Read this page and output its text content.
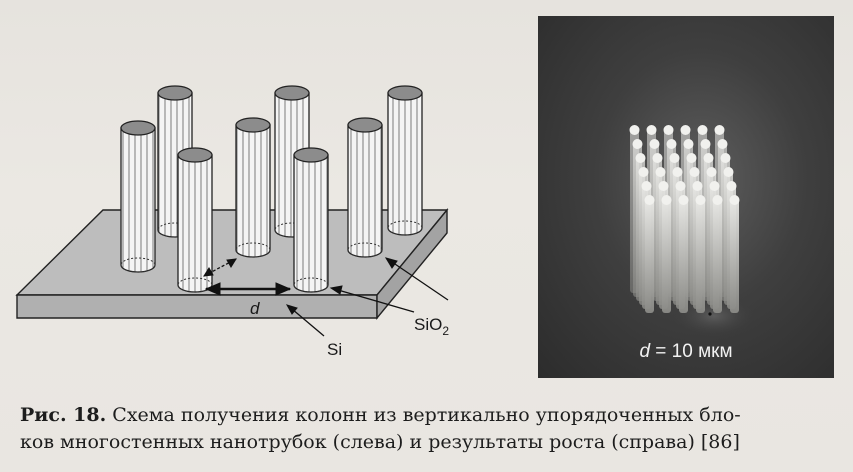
d
SiO$_2$
Si	d = 10 мкм
Рис. 18. Схема получения колонн из вертикально упорядоченных бло-
ков многостенных нанотрубок (слева) и результаты роста (справа) [86]
